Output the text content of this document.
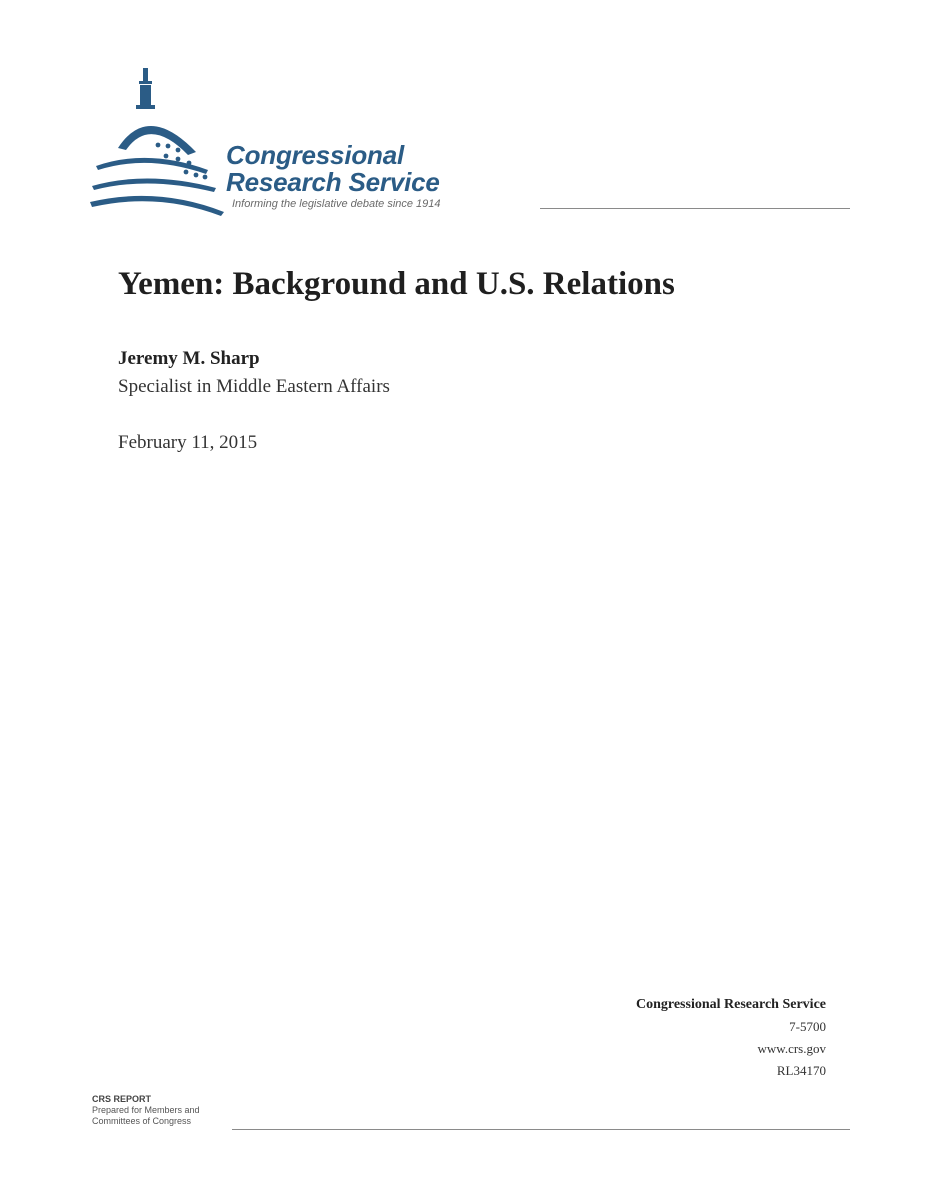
Congressional
Research Service
Informing the legislative debate since 1914
Yemen: Background and U.S. Relations
Jeremy M. Sharp
Specialist in Middle Eastern Affairs
February 11, 2015
Congressional Research Service
7-5700
www.crs.gov
RL34170
CRS REPORT
Prepared for Members and
Committees of Congress
